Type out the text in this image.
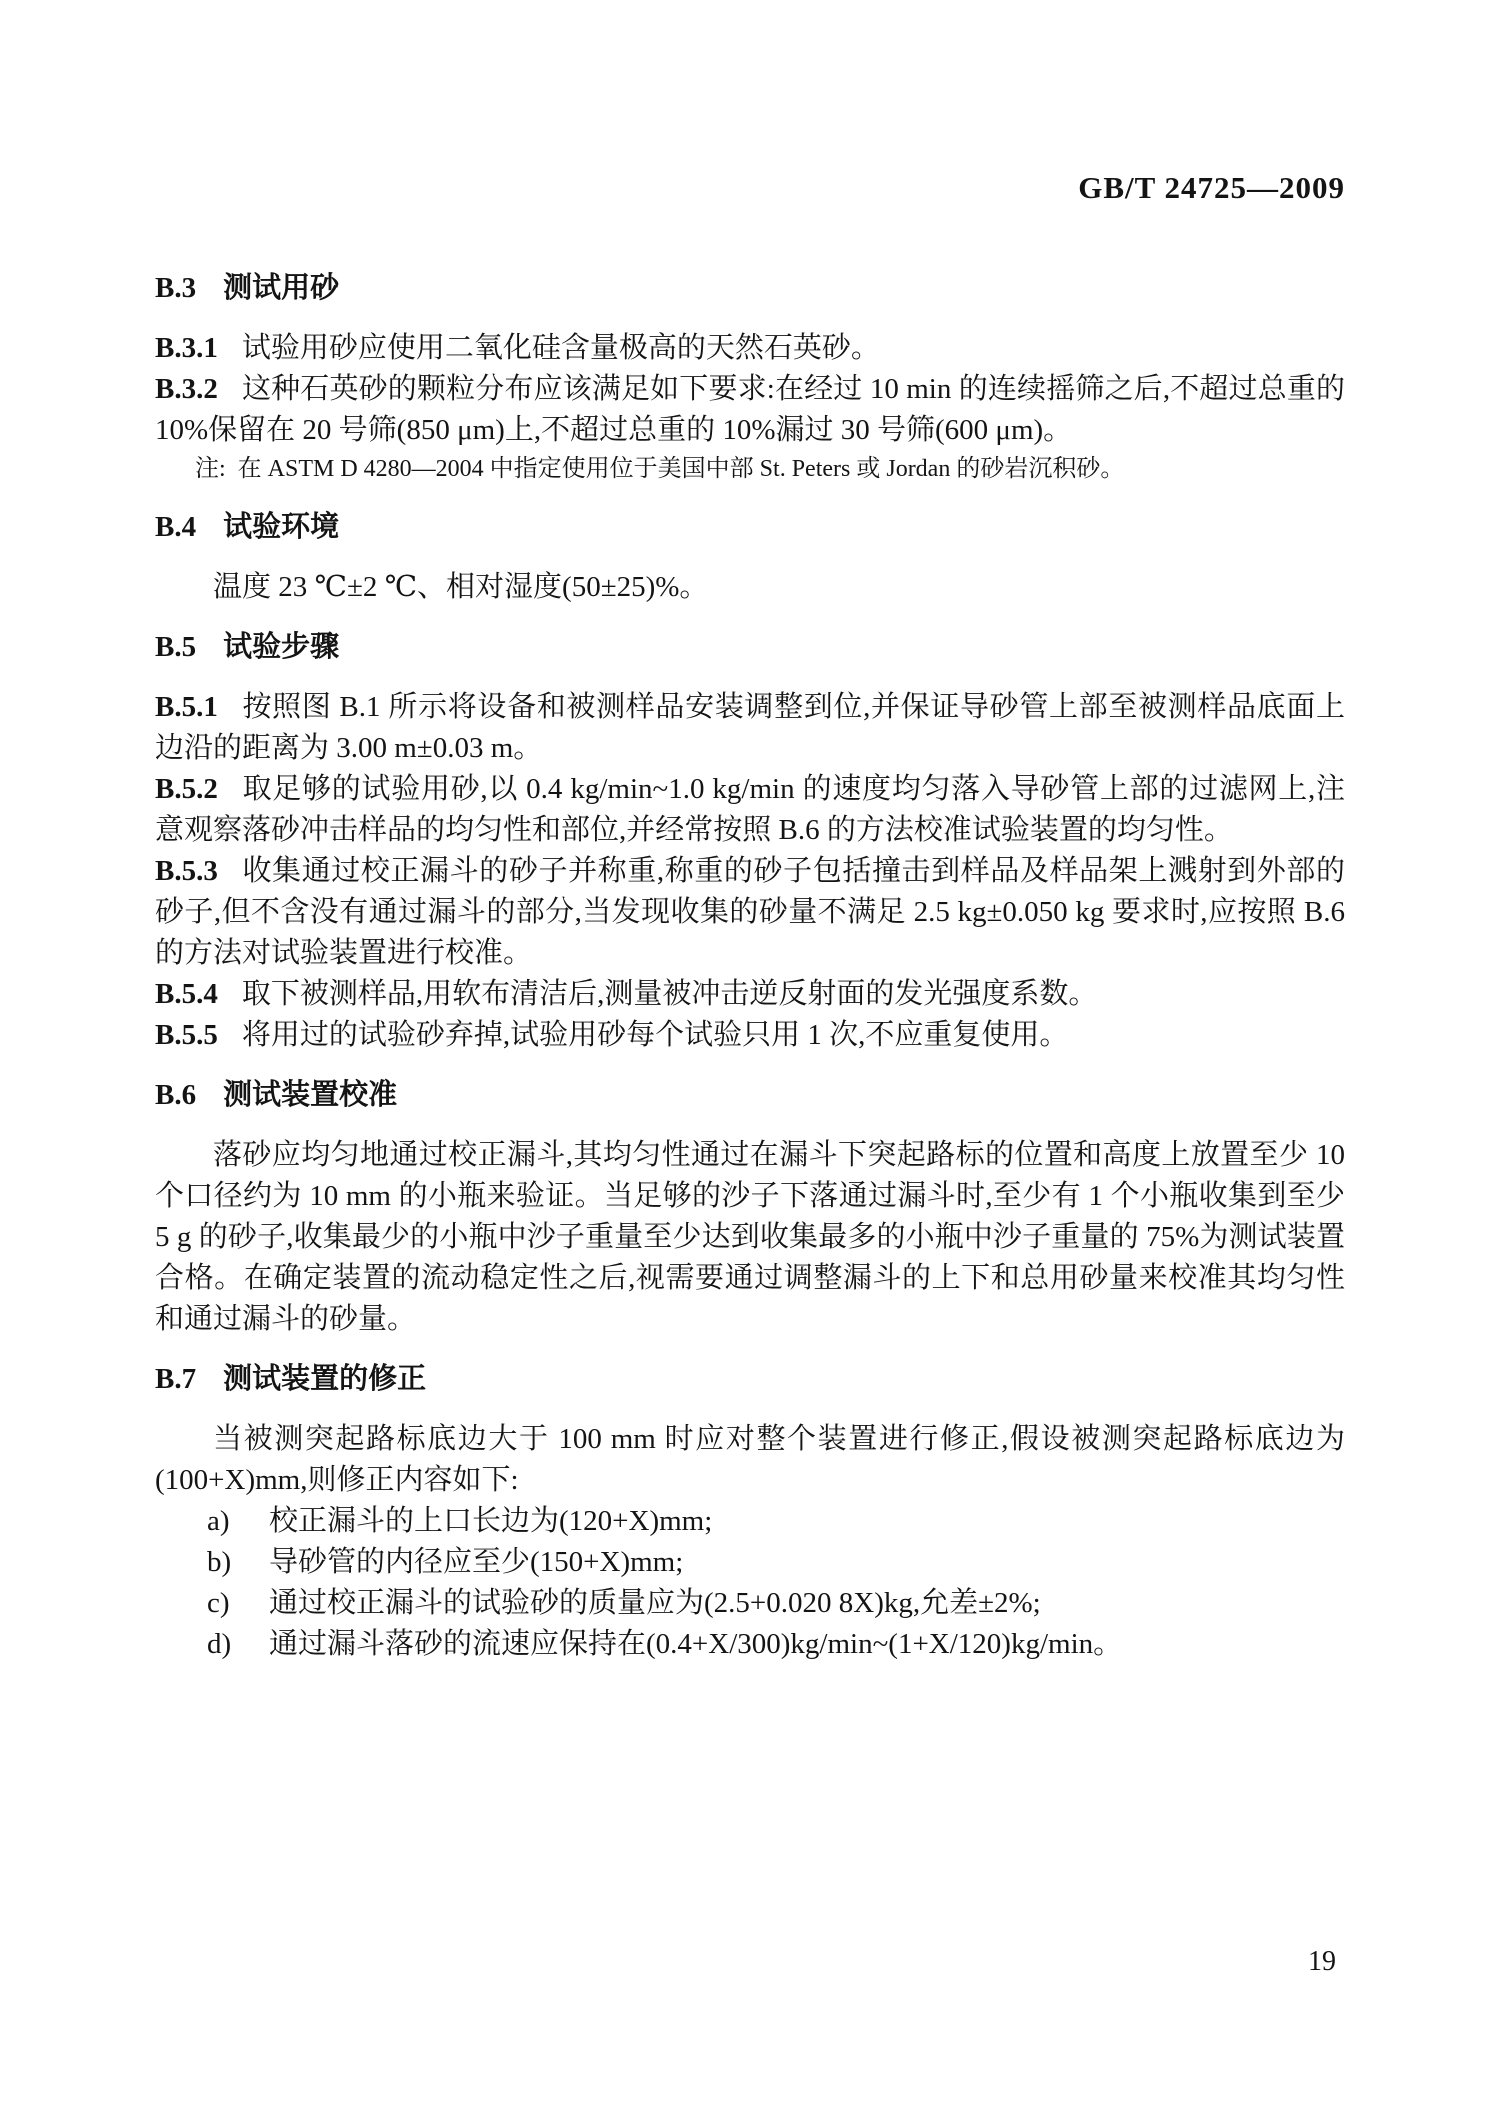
GB/T 24725—2009

B.3 测试用砂

B.3.1 试验用砂应使用二氧化硅含量极高的天然石英砂。

B.3.2 这种石英砂的颗粒分布应该满足如下要求:在经过 10 min 的连续摇筛之后,不超过总重的 10%保留在 20 号筛(850 μm)上,不超过总重的 10%漏过 30 号筛(600 μm)。

注: 在 ASTM D 4280—2004 中指定使用位于美国中部 St. Peters 或 Jordan 的砂岩沉积砂。

B.4 试验环境

温度 23 ℃±2 ℃、相对湿度(50±25)%。

B.5 试验步骤

B.5.1 按照图 B.1 所示将设备和被测样品安装调整到位,并保证导砂管上部至被测样品底面上边沿的距离为 3.00 m±0.03 m。

B.5.2 取足够的试验用砂,以 0.4 kg/min~1.0 kg/min 的速度均匀落入导砂管上部的过滤网上,注意观察落砂冲击样品的均匀性和部位,并经常按照 B.6 的方法校准试验装置的均匀性。

B.5.3 收集通过校正漏斗的砂子并称重,称重的砂子包括撞击到样品及样品架上溅射到外部的砂子,但不含没有通过漏斗的部分,当发现收集的砂量不满足 2.5 kg±0.050 kg 要求时,应按照 B.6 的方法对试验装置进行校准。

B.5.4 取下被测样品,用软布清洁后,测量被冲击逆反射面的发光强度系数。

B.5.5 将用过的试验砂弃掉,试验用砂每个试验只用 1 次,不应重复使用。

B.6 测试装置校准

落砂应均匀地通过校正漏斗,其均匀性通过在漏斗下突起路标的位置和高度上放置至少 10 个口径约为 10 mm 的小瓶来验证。当足够的沙子下落通过漏斗时,至少有 1 个小瓶收集到至少 5 g 的砂子,收集最少的小瓶中沙子重量至少达到收集最多的小瓶中沙子重量的 75%为测试装置合格。在确定装置的流动稳定性之后,视需要通过调整漏斗的上下和总用砂量来校准其均匀性和通过漏斗的砂量。

B.7 测试装置的修正

当被测突起路标底边大于 100 mm 时应对整个装置进行修正,假设被测突起路标底边为(100+X)mm,则修正内容如下:

a) 校正漏斗的上口长边为(120+X)mm;

b) 导砂管的内径应至少(150+X)mm;

c) 通过校正漏斗的试验砂的质量应为(2.5+0.020 8X)kg,允差±2%;

d) 通过漏斗落砂的流速应保持在(0.4+X/300)kg/min~(1+X/120)kg/min。

19
